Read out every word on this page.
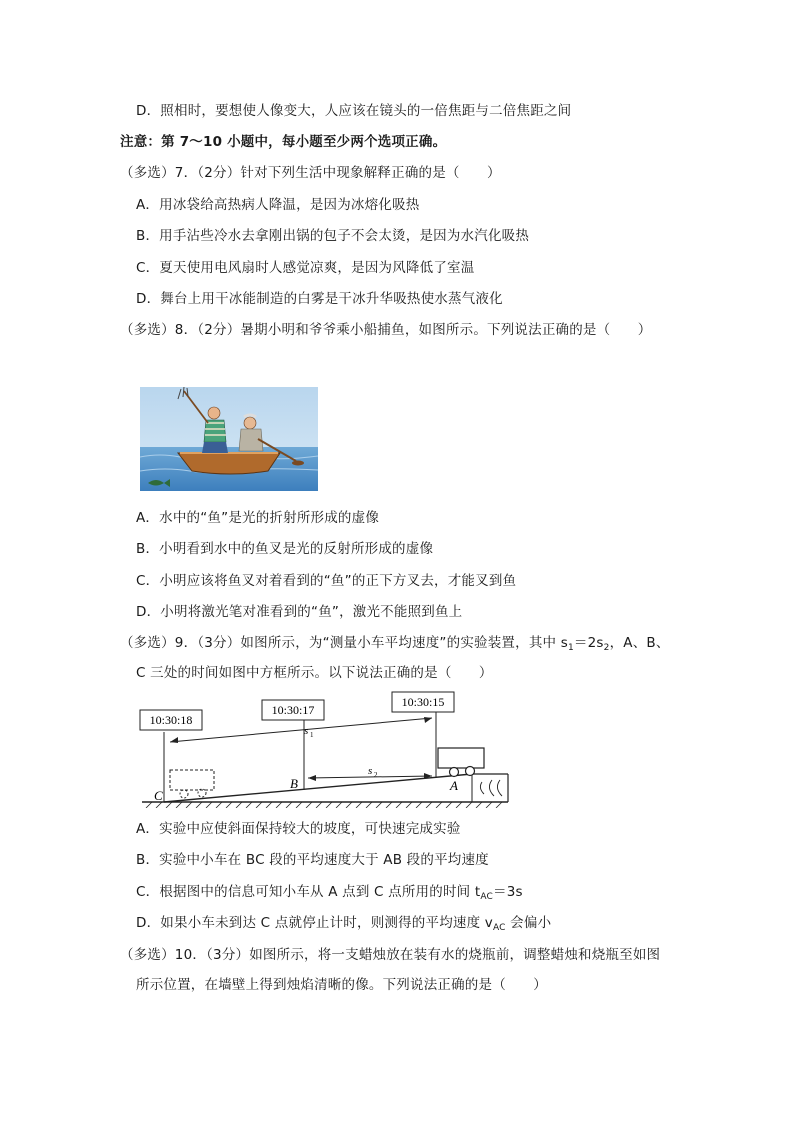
D．照相时，要想使人像变大，人应该在镜头的一倍焦距与二倍焦距之间
注意：第 7～10 小题中，每小题至少两个选项正确。
（多选）7．（2分）针对下列生活中现象解释正确的是（　　）
A．用冰袋给高热病人降温，是因为冰熔化吸热
B．用手沾些冷水去拿刚出锅的包子不会太烫，是因为水汽化吸热
C．夏天使用电风扇时人感觉凉爽，是因为风降低了室温
D．舞台上用干冰能制造的白雾是干冰升华吸热使水蒸气液化
（多选）8．（2分）暑期小明和爷爷乘小船捕鱼，如图所示。下列说法正确的是（　　）
A．水中的“鱼”是光的折射所形成的虚像
B．小明看到水中的鱼叉是光的反射所形成的虚像
C．小明应该将鱼叉对着看到的“鱼”的正下方叉去，才能叉到鱼
D．小明将激光笔对准看到的“鱼”，激光不能照到鱼上
（多选）9．（3分）如图所示，为“测量小车平均速度”的实验装置，其中 $s_1=2s_2$，A、B、
C 三处的时间如图中方框所示。以下说法正确的是（　　）
10:30:18
10:30:17
10:30:15
s 1
s 2
A
B
C
A．实验中应使斜面保持较大的坡度，可快速完成实验
B．实验中小车在 BC 段的平均速度大于 AB 段的平均速度
C．根据图中的信息可知小车从 A 点到 C 点所用的时间 $t_{AC}=3s$
D．如果小车未到达 C 点就停止计时，则测得的平均速度 $v_{AC}$ 会偏小
（多选）10．（3分）如图所示，将一支蜡烛放在装有水的烧瓶前，调整蜡烛和烧瓶至如图
所示位置，在墙壁上得到烛焰清晰的像。下列说法正确的是（　　）
